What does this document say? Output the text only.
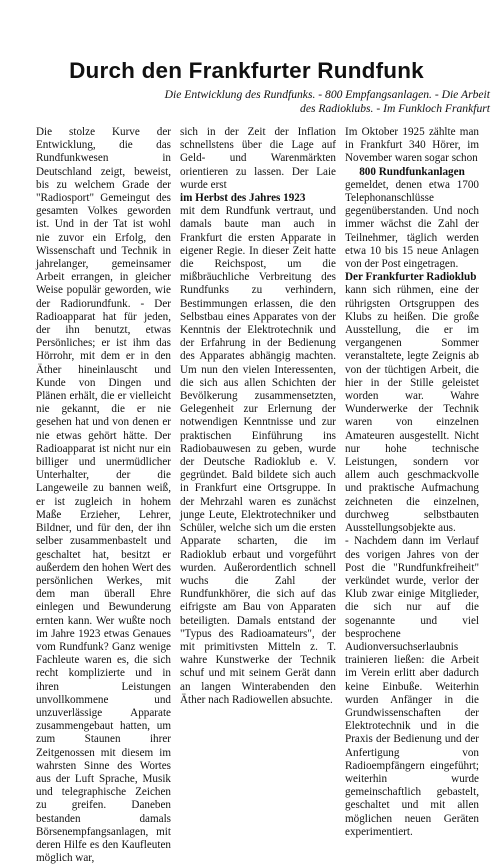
Durch den Frankfurter Rundfunk
Die Entwicklung des Rundfunks. - 800 Empfangsanlagen. - Die Arbeit
des Radioklubs. - Im Funkloch Frankfurt

Die stolze Kurve der Entwicklung, die das Rundfunkwesen in Deutschland zeigt, beweist, bis zu welchem Grade der "Radiosport" Gemeingut des gesamten Volkes geworden ist. Und in der Tat ist wohl nie zuvor ein Erfolg, den Wissenschaft und Technik in jahrelanger, gemeinsamer Arbeit errangen, in gleicher Weise populär geworden, wie der Radiorundfunk. - Der Radioapparat hat für jeden, der ihn benutzt, etwas Persönliches; er ist ihm das Hörrohr, mit dem er in den Äther hineinlauscht und Kunde von Dingen und Plänen erhält, die er vielleicht nie gekannt, die er nie gesehen hat und von denen er nie etwas gehört hätte. Der Radioapparat ist nicht nur ein billiger und unermüdlicher Unterhalter, der die Langeweile zu bannen weiß, er ist zugleich in hohem Maße Erzieher, Lehrer, Bildner, und für den, der ihn selber zusammenbastelt und geschaltet hat, besitzt er außerdem den hohen Wert des persönlichen Werkes, mit dem man überall Ehre einlegen und Bewunderung ernten kann. Wer wußte noch im Jahre 1923 etwas Genaues vom Rundfunk? Ganz wenige Fachleute waren es, die sich recht komplizierte und in ihren Leistungen unvollkommene und unzuverlässige Apparate zusammengebaut hatten, um zum Staunen ihrer Zeitgenossen mit diesem im wahrsten Sinne des Wortes aus der Luft Sprache, Musik und telegraphische Zeichen zu greifen. Daneben bestanden damals Börsenempfangsanlagen, mit deren Hilfe es den Kaufleuten möglich war,

sich in der Zeit der Inflation schnellstens über die Lage auf Geld- und Warenmärkten orientieren zu lassen. Der Laie wurde erst

im Herbst des Jahres 1923

mit dem Rundfunk vertraut, und damals baute man auch in Frankfurt die ersten Apparate in eigener Regie. In dieser Zeit hatte die Reichspost, um die mißbräuchliche Verbreitung des Rundfunks zu verhindern, Bestimmungen erlassen, die den Selbstbau eines Apparates von der Kenntnis der Elektrotechnik und der Erfahrung in der Bedienung des Apparates abhängig machten. Um nun den vielen Interessenten, die sich aus allen Schichten der Bevölkerung zusammensetzten, Gelegenheit zur Erlernung der notwendigen Kenntnisse und zur praktischen Einführung ins Radiobauwesen zu geben, wurde der Deutsche Radioklub e. V. gegründet. Bald bildete sich auch in Frankfurt eine Ortsgruppe. In der Mehrzahl waren es zunächst junge Leute, Elektrotechniker und Schüler, welche sich um die ersten Apparate scharten, die im Radioklub erbaut und vorgeführt wurden. Außerordentlich schnell wuchs die Zahl der Rundfunkhörer, die sich auf das eifrigste am Bau von Apparaten beteiligten. Damals entstand der "Typus des Radioamateurs", der mit primitivsten Mitteln z. T. wahre Kunstwerke der Technik schuf und mit seinem Gerät dann an langen Winterabenden den Äther nach Radiowellen absuchte.

Im Oktober 1925 zählte man in Frankfurt 340 Hörer, im November waren sogar schon

800 Rundfunkanlagen

gemeldet, denen etwa 1700 Telephonanschlüsse gegenüberstanden. Und noch immer wächst die Zahl der Teilnehmer, täglich werden etwa 10 bis 15 neue Anlagen von der Post eingetragen.

Der Frankfurter Radioklub

kann sich rühmen, eine der rührigsten Ortsgruppen des Klubs zu heißen. Die große Ausstellung, die er im vergangenen Sommer veranstaltete, legte Zeignis ab von der tüchtigen Arbeit, die hier in der Stille geleistet worden war. Wahre Wunderwerke der Technik waren von einzelnen Amateuren ausgestellt. Nicht nur hohe technische Leistungen, sondern vor allem auch geschmackvolle und praktische Aufmachung zeichneten die einzelnen, durchweg selbstbauten Ausstellungsobjekte aus.

- Nachdem dann im Verlauf des vorigen Jahres von der Post die "Rundfunkfreiheit" verkündet wurde, verlor der Klub zwar einige Mitglieder, die sich nur auf die sogenannte und viel besprochene Audionversuchserlaubnis trainieren ließen: die Arbeit im Verein erlitt aber dadurch keine Einbuße. Weiterhin wurden Anfänger in die Grundwissenschaften der Elektrotechnik und in die Praxis der Bedienung und der Anfertigung von Radioempfängern eingeführt; weiterhin wurde gemeinschaftlich gebastelt, geschaltet und mit allen möglichen neuen Geräten experimentiert.
